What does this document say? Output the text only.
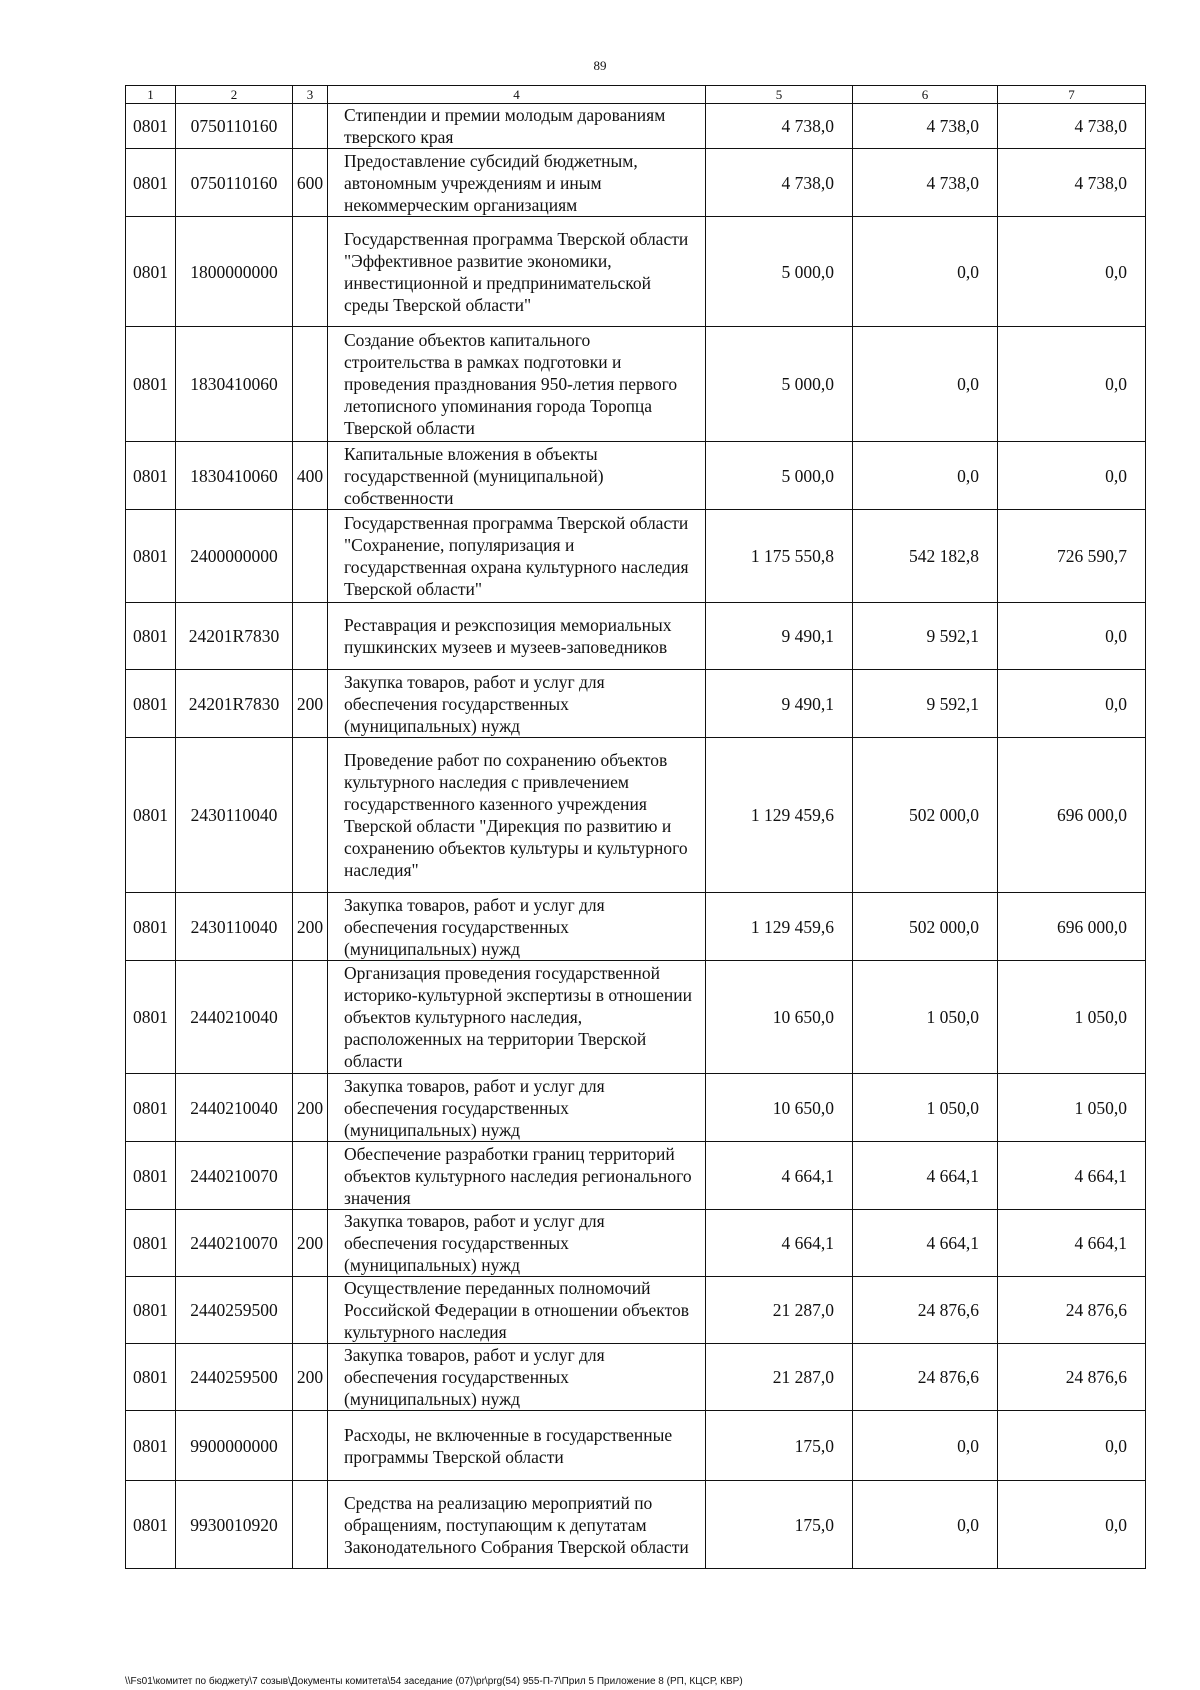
89
1	2	3	4	5	6	7
0801	0750110160		Стипендии и премии молодым дарованиям тверского края	4 738,0	4 738,0	4 738,0
0801	0750110160	600	Предоставление субсидий бюджетным, автономным учреждениям и иным некоммерческим организациям	4 738,0	4 738,0	4 738,0
0801	1800000000		Государственная программа Тверской области "Эффективное развитие экономики, инвестиционной и предпринимательской среды Тверской области"	5 000,0	0,0	0,0
0801	1830410060		Создание объектов капитального строительства в рамках подготовки и проведения празднования 950-летия первого летописного упоминания города Торопца Тверской области	5 000,0	0,0	0,0
0801	1830410060	400	Капитальные вложения в объекты государственной (муниципальной) собственности	5 000,0	0,0	0,0
0801	2400000000		Государственная программа Тверской области "Сохранение, популяризация и государственная охрана культурного наследия Тверской области"	1 175 550,8	542 182,8	726 590,7
0801	24201R7830		Реставрация и реэкспозиция мемориальных пушкинских музеев и музеев-заповедников	9 490,1	9 592,1	0,0
0801	24201R7830	200	Закупка товаров, работ и услуг для обеспечения государственных (муниципальных) нужд	9 490,1	9 592,1	0,0
0801	2430110040		Проведение работ по сохранению объектов культурного наследия с привлечением государственного казенного учреждения Тверской области "Дирекция по развитию и сохранению объектов культуры и культурного наследия"	1 129 459,6	502 000,0	696 000,0
0801	2430110040	200	Закупка товаров, работ и услуг для обеспечения государственных (муниципальных) нужд	1 129 459,6	502 000,0	696 000,0
0801	2440210040		Организация проведения государственной историко-культурной экспертизы в отношении объектов культурного наследия, расположенных на территории Тверской области	10 650,0	1 050,0	1 050,0
0801	2440210040	200	Закупка товаров, работ и услуг для обеспечения государственных (муниципальных) нужд	10 650,0	1 050,0	1 050,0
0801	2440210070		Обеспечение разработки границ территорий объектов культурного наследия регионального значения	4 664,1	4 664,1	4 664,1
0801	2440210070	200	Закупка товаров, работ и услуг для обеспечения государственных (муниципальных) нужд	4 664,1	4 664,1	4 664,1
0801	2440259500		Осуществление переданных полномочий Российской Федерации в отношении объектов культурного наследия	21 287,0	24 876,6	24 876,6
0801	2440259500	200	Закупка товаров, работ и услуг для обеспечения государственных (муниципальных) нужд	21 287,0	24 876,6	24 876,6
0801	9900000000		Расходы, не включенные в государственные программы Тверской области	175,0	0,0	0,0
0801	9930010920		Средства на реализацию мероприятий по обращениям, поступающим к депутатам Законодательного Собрания Тверской области	175,0	0,0	0,0
\\Fs01\комитет по бюджету\7 созыв\Документы комитета\54 заседание (07)\pr\prg(54) 955-П-7\Прил 5 Приложение 8 (РП, КЦСР, КВР)
